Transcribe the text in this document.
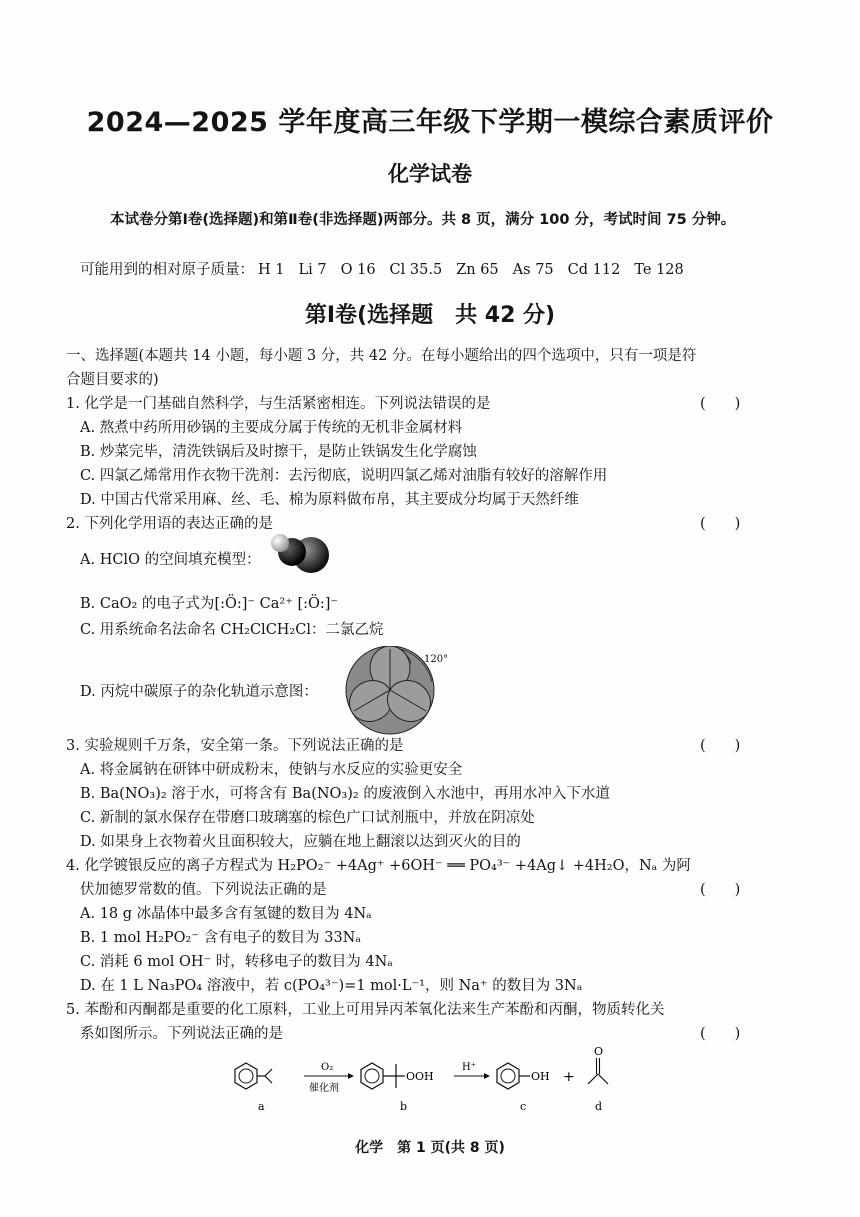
2024—2025 学年度高三年级下学期一模综合素质评价
化学试卷
本试卷分第Ⅰ卷(选择题)和第Ⅱ卷(非选择题)两部分。共 8 页，满分 100 分，考试时间 75 分钟。
可能用到的相对原子质量： H 1 Li 7 O 16 Cl 35.5 Zn 65 As 75 Cd 112 Te 128
第Ⅰ卷(选择题　共 42 分)
一、选择题(本题共 14 小题，每小题 3 分，共 42 分。在每小题给出的四个选项中，只有一项是符
合题目要求的)
1. 化学是一门基础自然科学，与生活紧密相连。下列说法错误的是	(　　)
A. 熬煮中药所用砂锅的主要成分属于传统的无机非金属材料
B. 炒菜完毕，清洗铁锅后及时擦干，是防止铁锅发生化学腐蚀
C. 四氯乙烯常用作衣物干洗剂：去污彻底，说明四氯乙烯对油脂有较好的溶解作用
D. 中国古代常采用麻、丝、毛、棉为原料做布帛，其主要成分均属于天然纤维
2. 下列化学用语的表达正确的是	(　　)
A. HClO 的空间填充模型：
B. CaO₂ 的电子式为[:Ö:]⁻ Ca²⁺ [:Ö:]⁻
C. 用系统命名法命名 CH₂ClCH₂Cl：二氯乙烷
D. 丙烷中碳原子的杂化轨道示意图：
120°
3. 实验规则千万条，安全第一条。下列说法正确的是	(　　)
A. 将金属钠在研钵中研成粉末，使钠与水反应的实验更安全
B. Ba(NO₃)₂ 溶于水，可将含有 Ba(NO₃)₂ 的废液倒入水池中，再用水冲入下水道
C. 新制的氯水保存在带磨口玻璃塞的棕色广口试剂瓶中，并放在阴凉处
D. 如果身上衣物着火且面积较大，应躺在地上翻滚以达到灭火的目的
4. 化学镀银反应的离子方程式为 H₂PO₂⁻ +4Ag⁺ +6OH⁻ ══ PO₄³⁻ +4Ag↓ +4H₂O，Nₐ 为阿
伏加德罗常数的值。下列说法正确的是	(　　)
A. 18 g 冰晶体中最多含有氢键的数目为 4Nₐ
B. 1 mol H₂PO₂⁻ 含有电子的数目为 33Nₐ
C. 消耗 6 mol OH⁻ 时，转移电子的数目为 4Nₐ
D. 在 1 L Na₃PO₄ 溶液中，若 c(PO₄³⁻)=1 mol·L⁻¹，则 Na⁺ 的数目为 3Nₐ
5. 苯酚和丙酮都是重要的化工原料，工业上可用异丙苯氧化法来生产苯酚和丙酮，物质转化关
系如图所示。下列说法正确的是	(　　)
a
O₂
催化剂
OOH
b
H⁺
OH
c
+
O
d
化学　第 1 页(共 8 页)
